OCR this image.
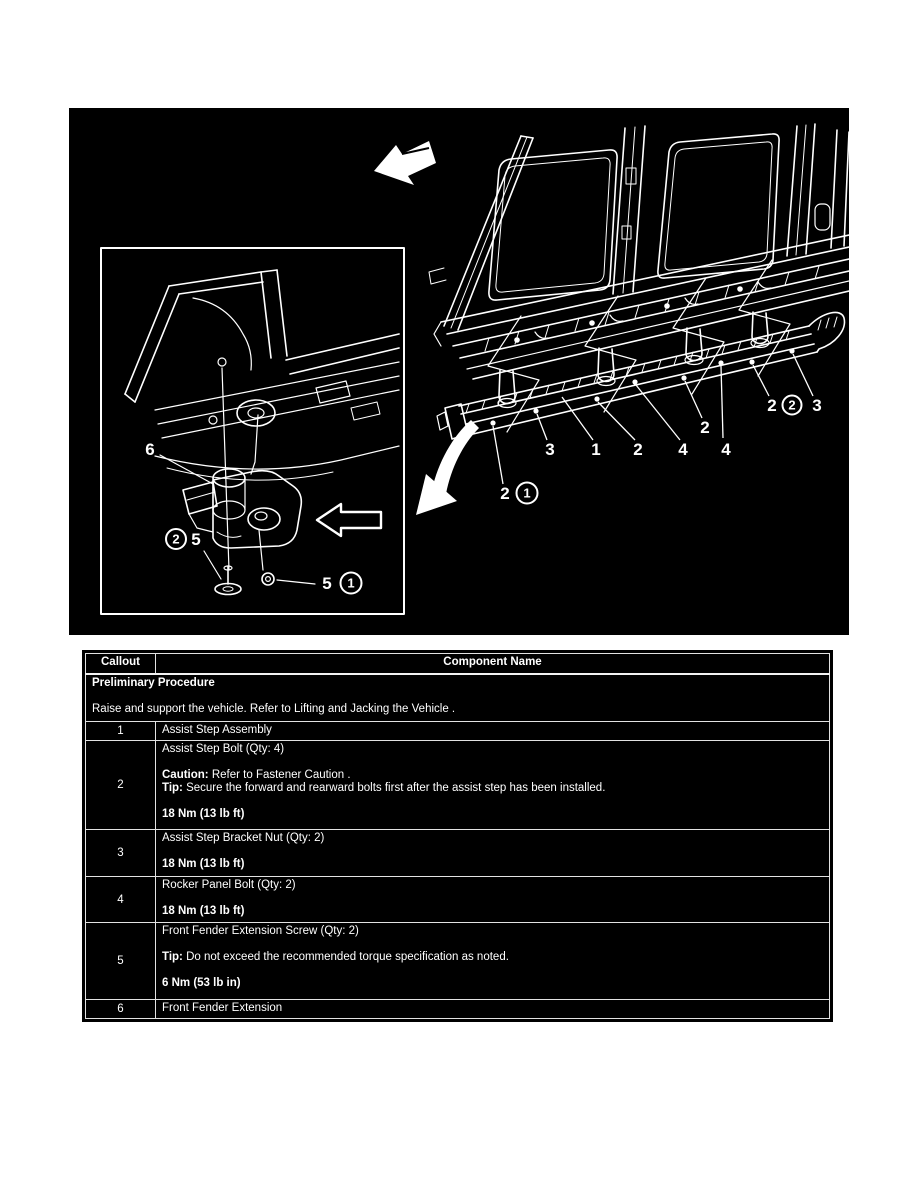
3 1 2 4 4
2
2 3
2
2
1
6
2 5
5 1
Callout	Component Name

Preliminary Procedure
Raise and support the vehicle. Refer to Lifting and Jacking the Vehicle .	

1	Assist Step Assembly

2	Assist Step Bolt (Qty: 4)
Caution: Refer to Fastener Caution .
Tip: Secure the forward and rearward bolts first after the assist step has been installed.
18 Nm (13 lb ft)

3	Assist Step Bracket Nut (Qty: 2)
18 Nm (13 lb ft)

4	Rocker Panel Bolt (Qty: 2)
18 Nm (13 lb ft)

5	Front Fender Extension Screw (Qty: 2)
Tip: Do not exceed the recommended torque specification as noted.
6 Nm (53 lb in)

6	Front Fender Extension
